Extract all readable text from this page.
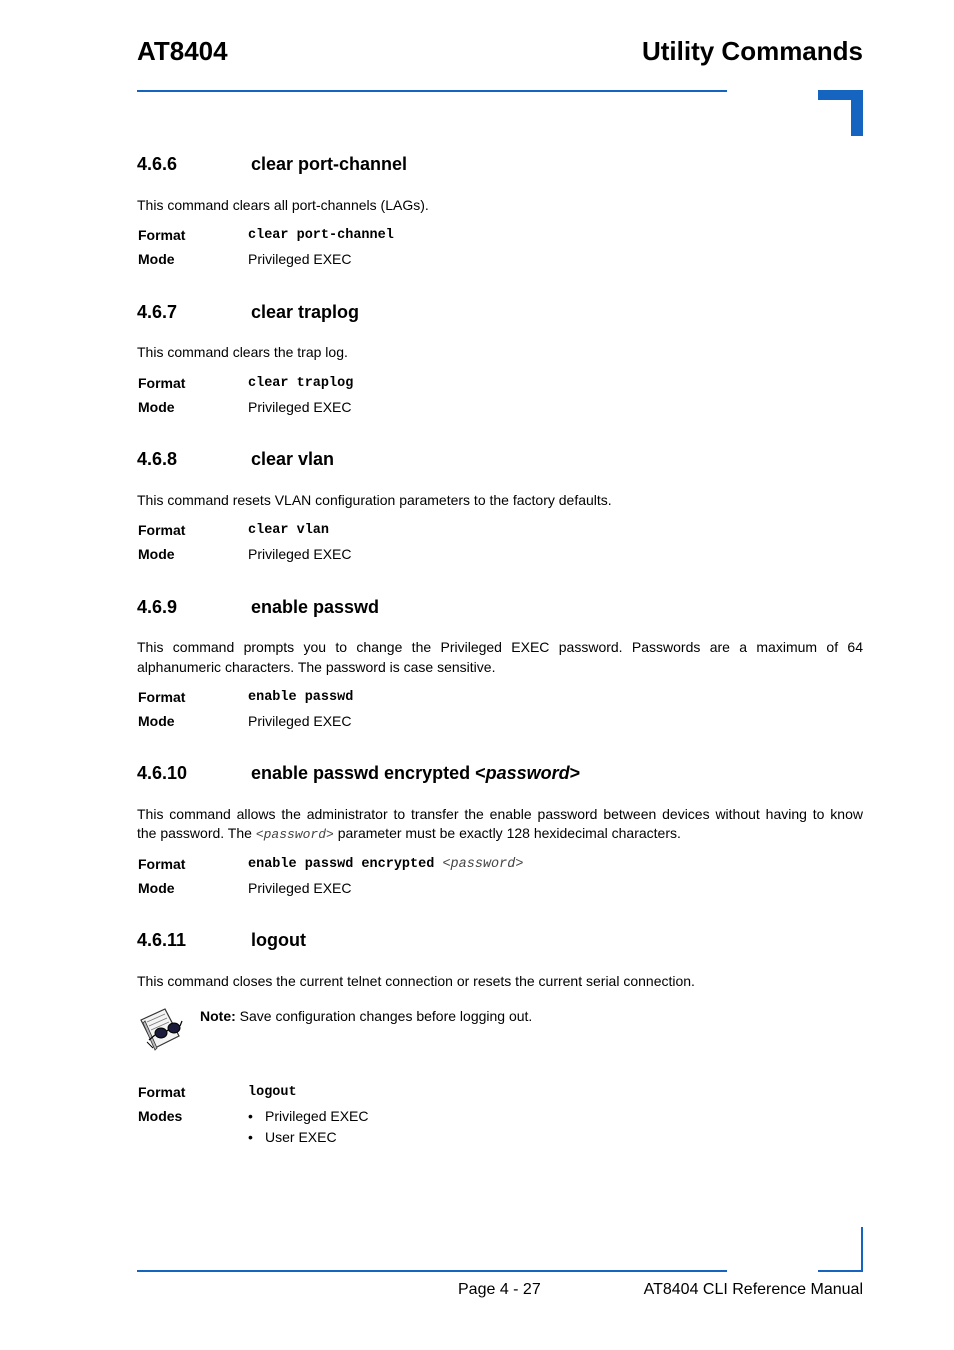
AT8404	Utility Commands
4.6.6	clear port-channel
This command clears all port-channels (LAGs).
Format	clear port-channel
Mode	Privileged EXEC
4.6.7	clear traplog
This command clears the trap log.
Format	clear traplog
Mode	Privileged EXEC
4.6.8	clear vlan
This command resets VLAN configuration parameters to the factory defaults.
Format	clear vlan
Mode	Privileged EXEC
4.6.9	enable passwd
This command prompts you to change the Privileged EXEC password. Passwords are a maximum of 64
alphanumeric characters. The password is case sensitive.
Format	enable passwd
Mode	Privileged EXEC
4.6.10	enable passwd encrypted <password>
This command allows the administrator to transfer the enable password between devices without having to know
the password. The <password> parameter must be exactly 128 hexidecimal characters.
Format	enable passwd encrypted <password>
Mode	Privileged EXEC
4.6.11	logout
This command closes the current telnet connection or resets the current serial connection.
Note: Save configuration changes before logging out.
Format	logout
Modes	• Privileged EXEC
• User EXEC
Page 4 - 27	AT8404 CLI Reference Manual
